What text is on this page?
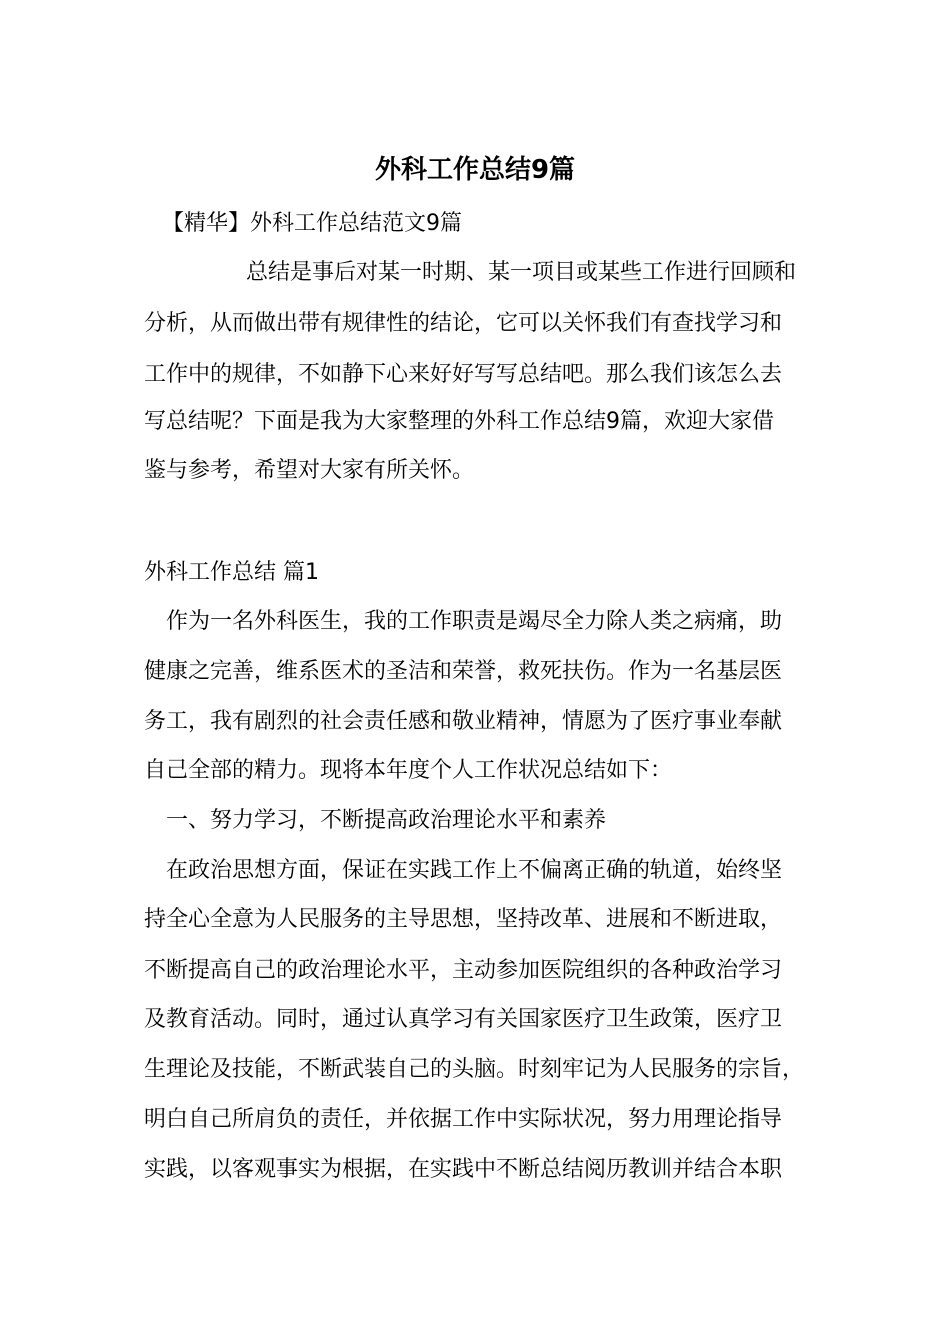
外科工作总结9篇
【精华】外科工作总结范文9篇
总结是事后对某一时期、某一项目或某些工作进行回顾和
分析，从而做出带有规律性的结论，它可以关怀我们有查找学习和
工作中的规律，不如静下心来好好写写总结吧。那么我们该怎么去
写总结呢？下面是我为大家整理的外科工作总结9篇，欢迎大家借
鉴与参考，希望对大家有所关怀。
外科工作总结 篇1
作为一名外科医生，我的工作职责是竭尽全力除人类之病痛，助
健康之完善，维系医术的圣洁和荣誉，救死扶伤。作为一名基层医
务工，我有剧烈的社会责任感和敬业精神，情愿为了医疗事业奉献
自己全部的精力。现将本年度个人工作状况总结如下：
一、努力学习，不断提高政治理论水平和素养
在政治思想方面，保证在实践工作上不偏离正确的轨道，始终坚
持全心全意为人民服务的主导思想，坚持改革、进展和不断进取，
不断提高自己的政治理论水平，主动参加医院组织的各种政治学习
及教育活动。同时，通过认真学习有关国家医疗卫生政策，医疗卫
生理论及技能，不断武装自己的头脑。时刻牢记为人民服务的宗旨，
明白自己所肩负的责任，并依据工作中实际状况，努力用理论指导
实践，以客观事实为根据，在实践中不断总结阅历教训并结合本职
